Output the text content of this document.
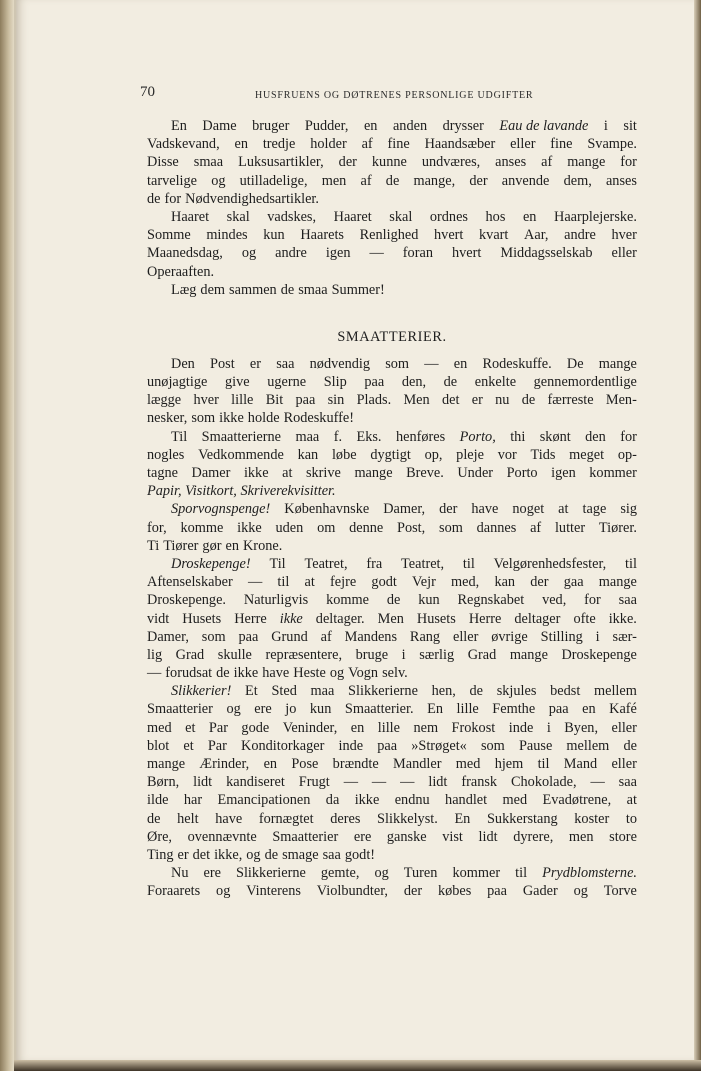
70	HUSFRUENS OG DØTRENES PERSONLIGE UDGIFTER
En Dame bruger Pudder, en anden drysser Eau de lavande i sit
Vadskevand, en tredje holder af fine Haandsæber eller fine Svampe.
Disse smaa Luksusartikler, der kunne undværes, anses af mange for
tarvelige og utilladelige, men af de mange, der anvende dem, anses
de for Nødvendighedsartikler.
Haaret skal vadskes, Haaret skal ordnes hos en Haarplejerske.
Somme mindes kun Haarets Renlighed hvert kvart Aar, andre hver
Maanedsdag, og andre igen — foran hvert Middagsselskab eller
Operaaften.
Læg dem sammen de smaa Summer!
SMAATTERIER.
Den Post er saa nødvendig som — en Rodeskuffe. De mange
unøjagtige give ugerne Slip paa den, de enkelte gennemordentlige
lægge hver lille Bit paa sin Plads. Men det er nu de færreste Men-
nesker, som ikke holde Rodeskuffe!
Til Smaatterierne maa f. Eks. henføres Porto, thi skønt den for
nogles Vedkommende kan løbe dygtigt op, pleje vor Tids meget op-
tagne Damer ikke at skrive mange Breve. Under Porto igen kommer
Papir, Visitkort, Skriverekvisitter.
Sporvognspenge! Københavnske Damer, der have noget at tage sig
for, komme ikke uden om denne Post, som dannes af lutter Tiører.
Ti Tiører gør en Krone.
Droskepenge! Til Teatret, fra Teatret, til Velgørenhedsfester, til
Aftenselskaber — til at fejre godt Vejr med, kan der gaa mange
Droskepenge. Naturligvis komme de kun Regnskabet ved, for saa
vidt Husets Herre ikke deltager. Men Husets Herre deltager ofte ikke.
Damer, som paa Grund af Mandens Rang eller øvrige Stilling i sær-
lig Grad skulle repræsentere, bruge i særlig Grad mange Droskepenge
— forudsat de ikke have Heste og Vogn selv.
Slikkerier! Et Sted maa Slikkerierne hen, de skjules bedst mellem
Smaatterier og ere jo kun Smaatterier. En lille Femthe paa en Kafé
med et Par gode Veninder, en lille nem Frokost inde i Byen, eller
blot et Par Konditorkager inde paa »Strøget« som Pause mellem de
mange Ærinder, en Pose brændte Mandler med hjem til Mand eller
Børn, lidt kandiseret Frugt — — — lidt fransk Chokolade, — saa
ilde har Emancipationen da ikke endnu handlet med Evadøtrene, at
de helt have fornægtet deres Slikkelyst. En Sukkerstang koster to
Øre, ovennævnte Smaatterier ere ganske vist lidt dyrere, men store
Ting er det ikke, og de smage saa godt!
Nu ere Slikkerierne gemte, og Turen kommer til Prydblomsterne.
Foraarets og Vinterens Violbundter, der købes paa Gader og Torve
